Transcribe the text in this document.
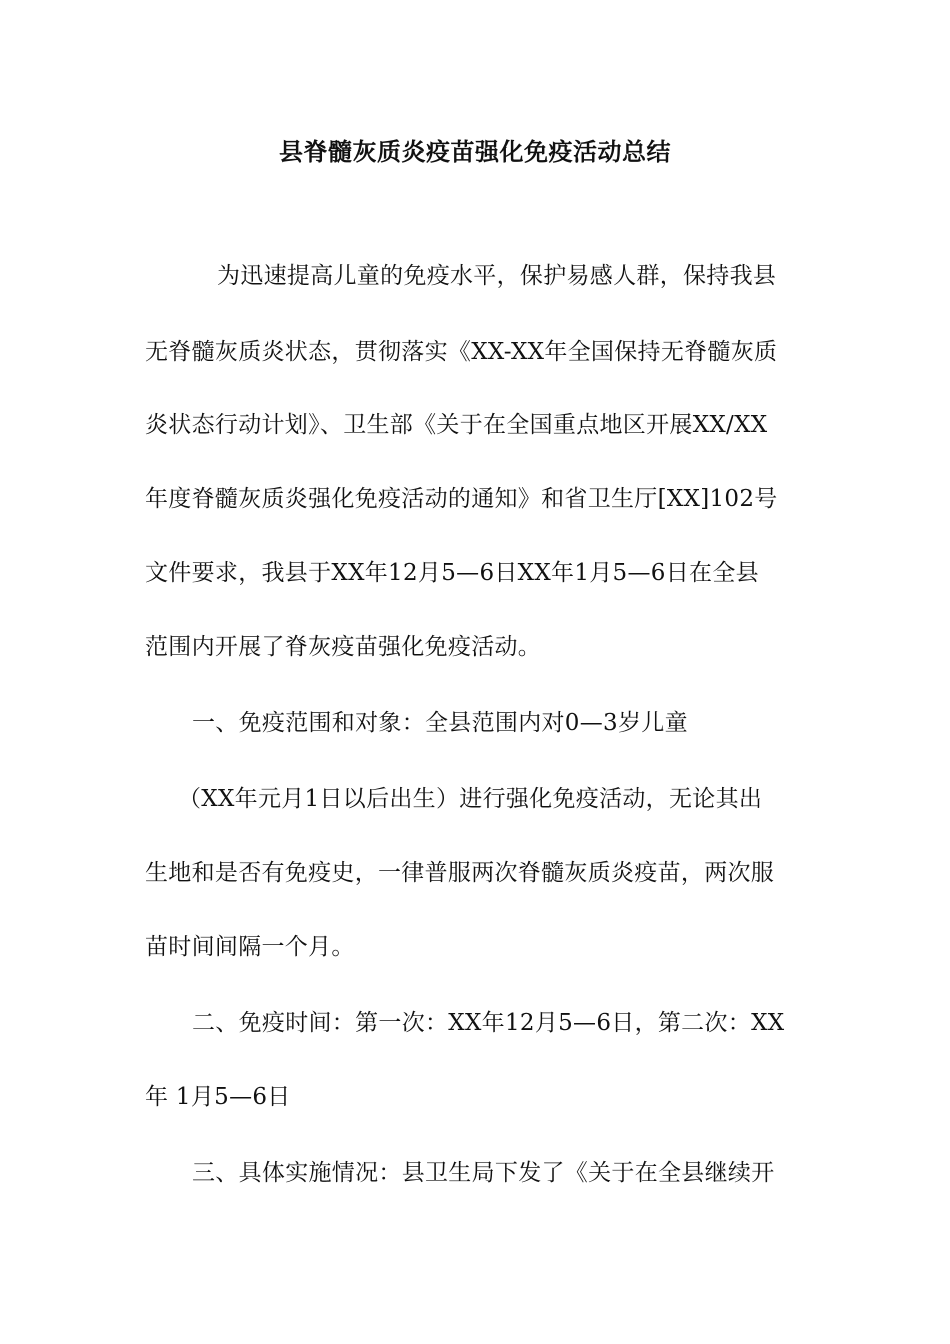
县脊髓灰质炎疫苗强化免疫活动总结
为迅速提高儿童的免疫水平，保护易感人群，保持我县
无脊髓灰质炎状态，贯彻落实《XX-XX年全国保持无脊髓灰质
炎状态行动计划》、卫生部《关于在全国重点地区开展XX/XX
年度脊髓灰质炎强化免疫活动的通知》和省卫生厅[XX]102号
文件要求，我县于XX年12月5—6日XX年1月5—6日在全县
范围内开展了脊灰疫苗强化免疫活动。
一、免疫范围和对象：全县范围内对0—3岁儿童
（XX年元月1日以后出生）进行强化免疫活动，无论其出
生地和是否有免疫史，一律普服两次脊髓灰质炎疫苗，两次服
苗时间间隔一个月。
二、免疫时间：第一次：XX年12月5—6日，第二次：XX
年 1月5—6日
三、具体实施情况：县卫生局下发了《关于在全县继续开
